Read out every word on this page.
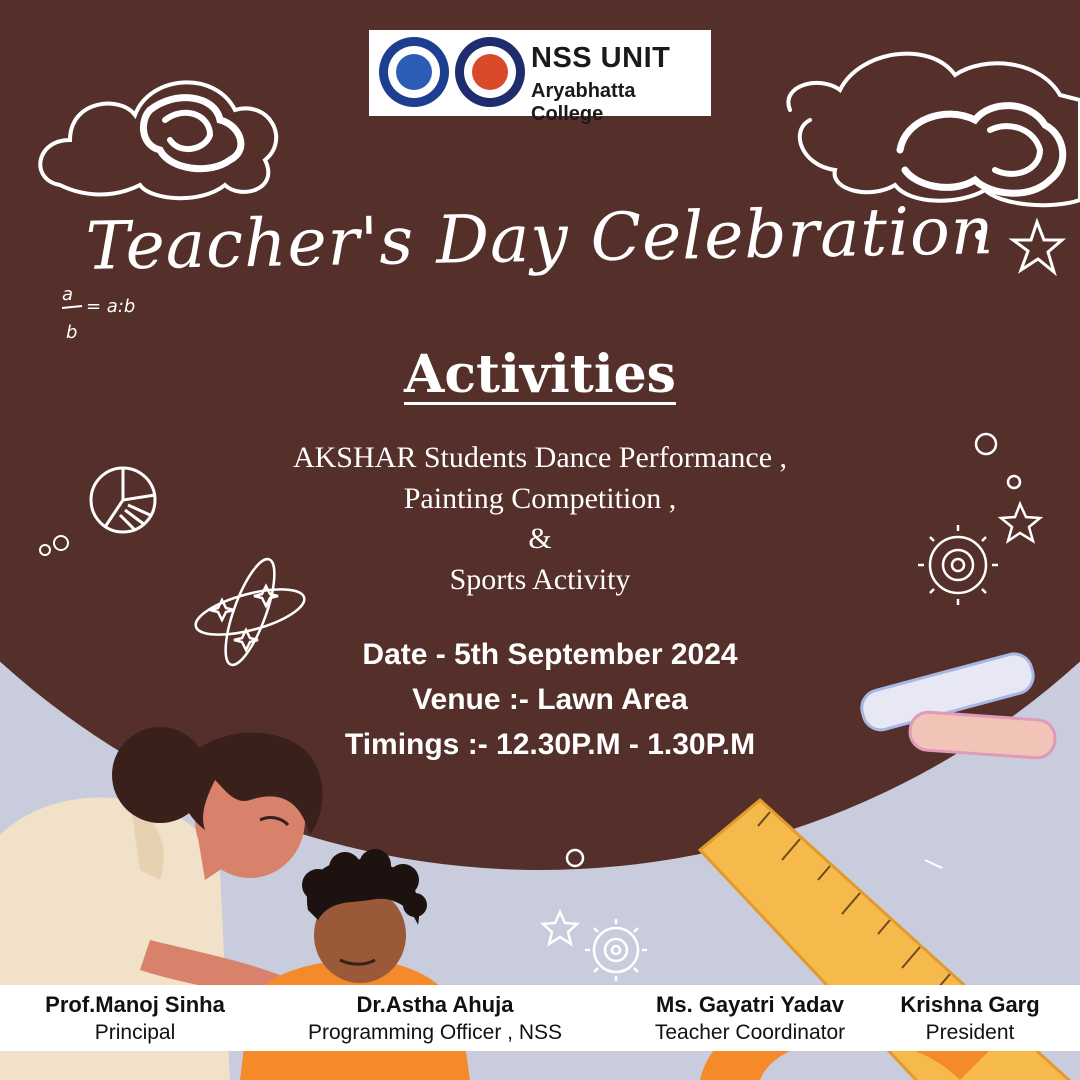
a
b
= a:b
NSS UNIT
Aryabhatta College
Teacher's Day Celebration
Activities
AKSHAR Students Dance Performance ,
Painting Competition ,
&
Sports Activity
Date - 5th September 2024
Venue :- Lawn Area
Timings :- 12.30P.M - 1.30P.M
Prof.Manoj Sinha
Principal
Dr.Astha Ahuja
Programming Officer , NSS
Ms. Gayatri Yadav
Teacher Coordinator
Krishna Garg
President
